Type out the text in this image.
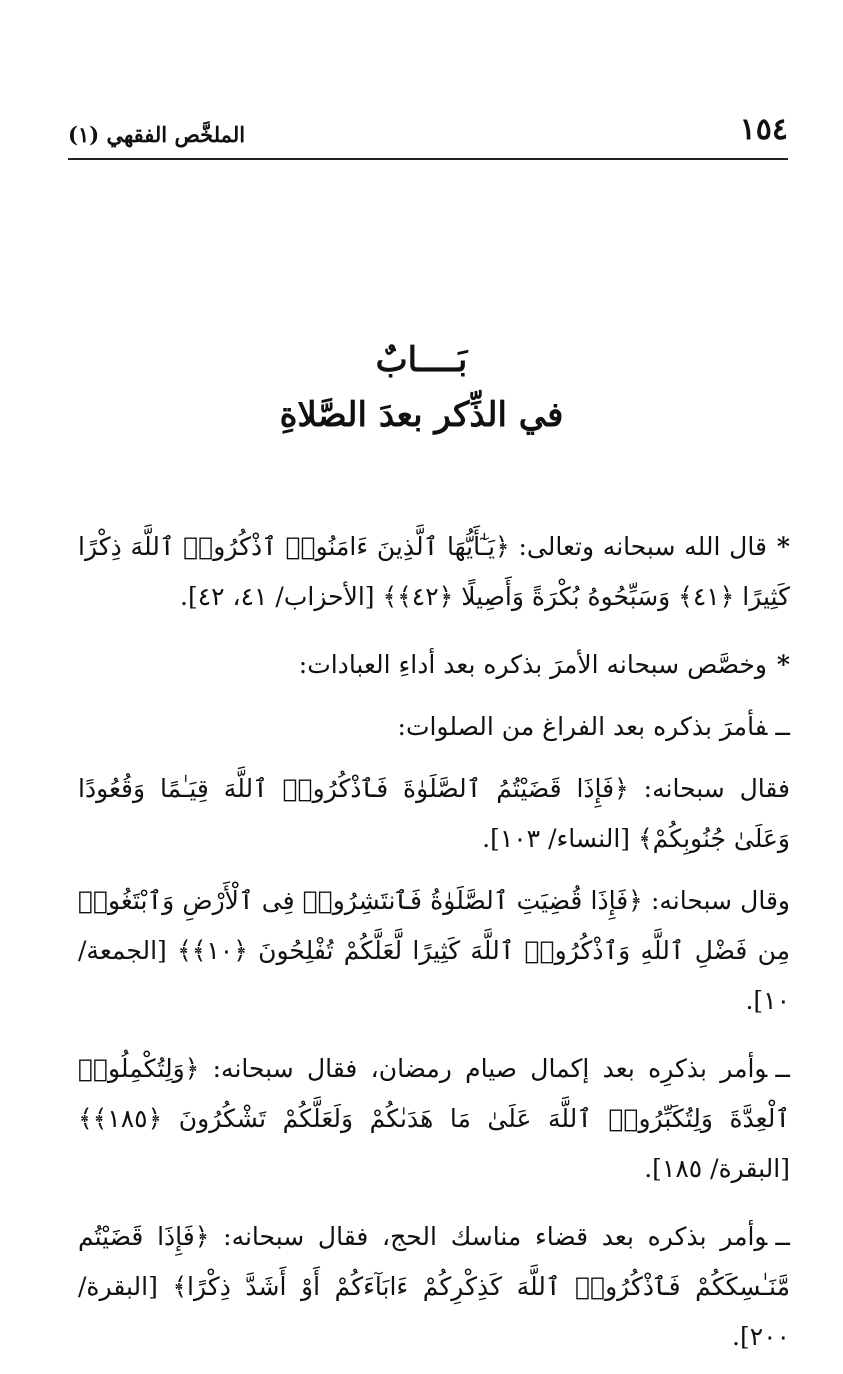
١٥٤
الملخَّص الفقهي (١)
بَــــابٌ
في الذِّكر بعدَ الصَّلاةِ

*قال الله سبحانه وتعالى: ﴿يَـٰٓأَيُّهَا ٱلَّذِينَ ءَامَنُوا۟ ٱذْكُرُوا۟ ٱللَّهَ ذِكْرًا كَثِيرًا ﴿٤١﴾ وَسَبِّحُوهُ بُكْرَةً وَأَصِيلًا ﴿٤٢﴾﴾ [الأحزاب/ ٤١، ٤٢].

*وخصَّص سبحانه الأمرَ بذكره بعد أداءِ العبادات:

ــفأمرَ بذكره بعد الفراغ من الصلوات:

فقال سبحانه: ﴿فَإِذَا قَضَيْتُمُ ٱلصَّلَوٰةَ فَٱذْكُرُوا۟ ٱللَّهَ قِيَـٰمًا وَقُعُودًا وَعَلَىٰ جُنُوبِكُمْ﴾ [النساء/ ١٠٣].

وقال سبحانه: ﴿فَإِذَا قُضِيَتِ ٱلصَّلَوٰةُ فَٱنتَشِرُوا۟ فِى ٱلْأَرْضِ وَٱبْتَغُوا۟ مِن فَضْلِ ٱللَّهِ وَٱذْكُرُوا۟ ٱللَّهَ كَثِيرًا لَّعَلَّكُمْ تُفْلِحُونَ ﴿١٠﴾﴾ [الجمعة/ ١٠].

ــوأمر بذكرِه بعد إكمال صيام رمضان، فقال سبحانه: ﴿وَلِتُكْمِلُوا۟ ٱلْعِدَّةَ وَلِتُكَبِّرُوا۟ ٱللَّهَ عَلَىٰ مَا هَدَىٰكُمْ وَلَعَلَّكُمْ تَشْكُرُونَ ﴿١٨٥﴾﴾ [البقرة/ ١٨٥].

ــوأمر بذكره بعد قضاء مناسك الحج، فقال سبحانه: ﴿فَإِذَا قَضَيْتُم مَّنَـٰسِكَكُمْ فَٱذْكُرُوا۟ ٱللَّهَ كَذِكْرِكُمْ ءَابَآءَكُمْ أَوْ أَشَدَّ ذِكْرًا﴾ [البقرة/ ٢٠٠].
